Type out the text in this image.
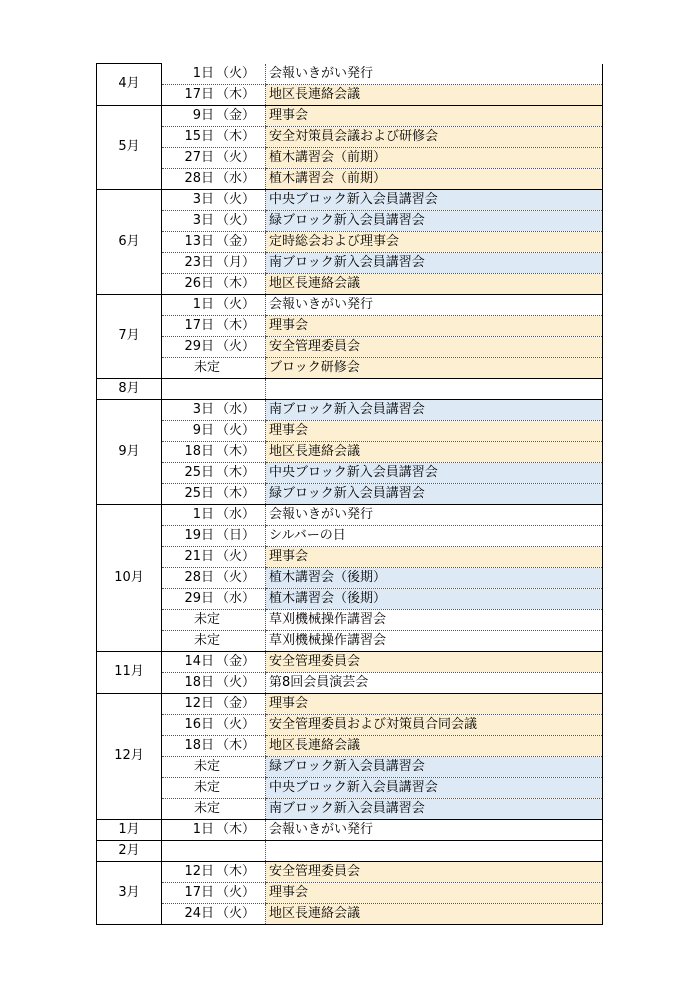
4月	1日 （火）	会報いきがい発行
	17日 （木）	地区長連絡会議
5月	9日 （金）	理事会
	15日 （木）	安全対策員会議および研修会
	27日 （火）	植木講習会（前期）
	28日 （水）	植木講習会（前期）
6月	3日 （火）	中央ブロック新入会員講習会
	3日 （火）	緑ブロック新入会員講習会
	13日 （金）	定時総会および理事会
	23日 （月）	南ブロック新入会員講習会
	26日 （木）	地区長連絡会議
7月	1日 （火）	会報いきがい発行
	17日 （木）	理事会
	29日 （火）	安全管理委員会
	未定	ブロック研修会
8月		
9月	3日 （水）	南ブロック新入会員講習会
	9日 （火）	理事会
	18日 （木）	地区長連絡会議
	25日 （木）	中央ブロック新入会員講習会
	25日 （木）	緑ブロック新入会員講習会
10月	1日 （水）	会報いきがい発行
	19日 （日）	シルバーの日
	21日 （火）	理事会
	28日 （火）	植木講習会（後期）
	29日 （水）	植木講習会（後期）
	未定	草刈機械操作講習会
	未定	草刈機械操作講習会
11月	14日 （金）	安全管理委員会
	18日 （火）	第8回会員演芸会
12月	12日 （金）	理事会
	16日 （火）	安全管理委員および対策員合同会議
	18日 （木）	地区長連絡会議
	未定	緑ブロック新入会員講習会
	未定	中央ブロック新入会員講習会
	未定	南ブロック新入会員講習会
1月	1日 （木）	会報いきがい発行
2月		
3月	12日 （木）	安全管理委員会
	17日 （火）	理事会
	24日 （火）	地区長連絡会議
